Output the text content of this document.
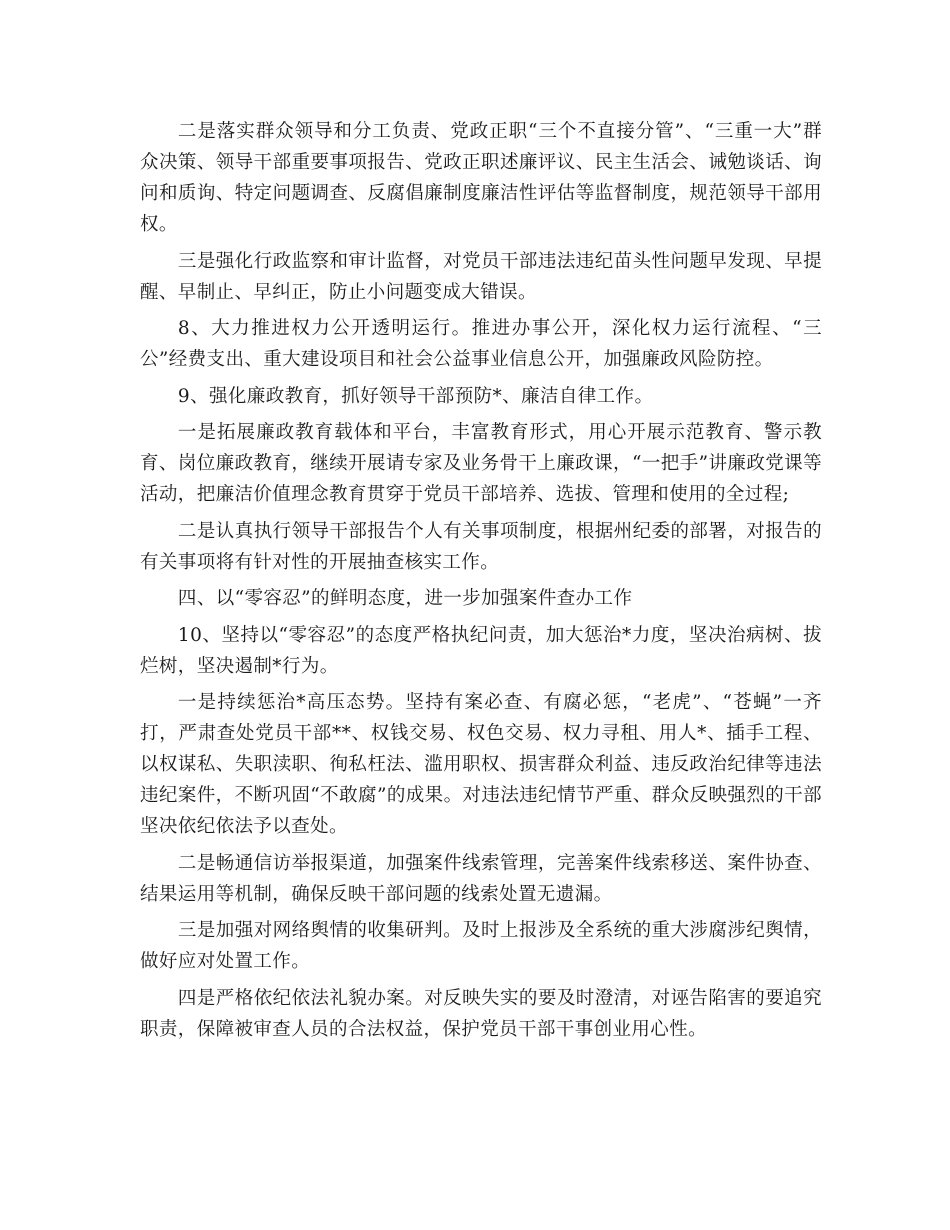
二是落实群众领导和分工负责、党政正职“三个不直接分管”、“三重一大”群众决策、领导干部重要事项报告、党政正职述廉评议、民主生活会、诫勉谈话、询问和质询、特定问题调查、反腐倡廉制度廉洁性评估等监督制度，规范领导干部用权。

三是强化行政监察和审计监督，对党员干部违法违纪苗头性问题早发现、早提醒、早制止、早纠正，防止小问题变成大错误。

8、大力推进权力公开透明运行。推进办事公开，深化权力运行流程、“三公”经费支出、重大建设项目和社会公益事业信息公开，加强廉政风险防控。

9、强化廉政教育，抓好领导干部预防*、廉洁自律工作。

一是拓展廉政教育载体和平台，丰富教育形式，用心开展示范教育、警示教育、岗位廉政教育，继续开展请专家及业务骨干上廉政课，“一把手”讲廉政党课等活动，把廉洁价值理念教育贯穿于党员干部培养、选拔、管理和使用的全过程;

二是认真执行领导干部报告个人有关事项制度，根据州纪委的部署，对报告的有关事项将有针对性的开展抽查核实工作。

四、以“零容忍”的鲜明态度，进一步加强案件查办工作

10、坚持以“零容忍”的态度严格执纪问责，加大惩治*力度，坚决治病树、拔烂树，坚决遏制*行为。

一是持续惩治*高压态势。坚持有案必查、有腐必惩，“老虎”、“苍蝇”一齐打，严肃查处党员干部**、权钱交易、权色交易、权力寻租、用人*、插手工程、以权谋私、失职渎职、徇私枉法、滥用职权、损害群众利益、违反政治纪律等违法违纪案件，不断巩固“不敢腐”的成果。对违法违纪情节严重、群众反映强烈的干部坚决依纪依法予以查处。

二是畅通信访举报渠道，加强案件线索管理，完善案件线索移送、案件协查、结果运用等机制，确保反映干部问题的线索处置无遗漏。

三是加强对网络舆情的收集研判。及时上报涉及全系统的重大涉腐涉纪舆情，做好应对处置工作。

四是严格依纪依法礼貌办案。对反映失实的要及时澄清，对诬告陷害的要追究职责，保障被审查人员的合法权益，保护党员干部干事创业用心性。
